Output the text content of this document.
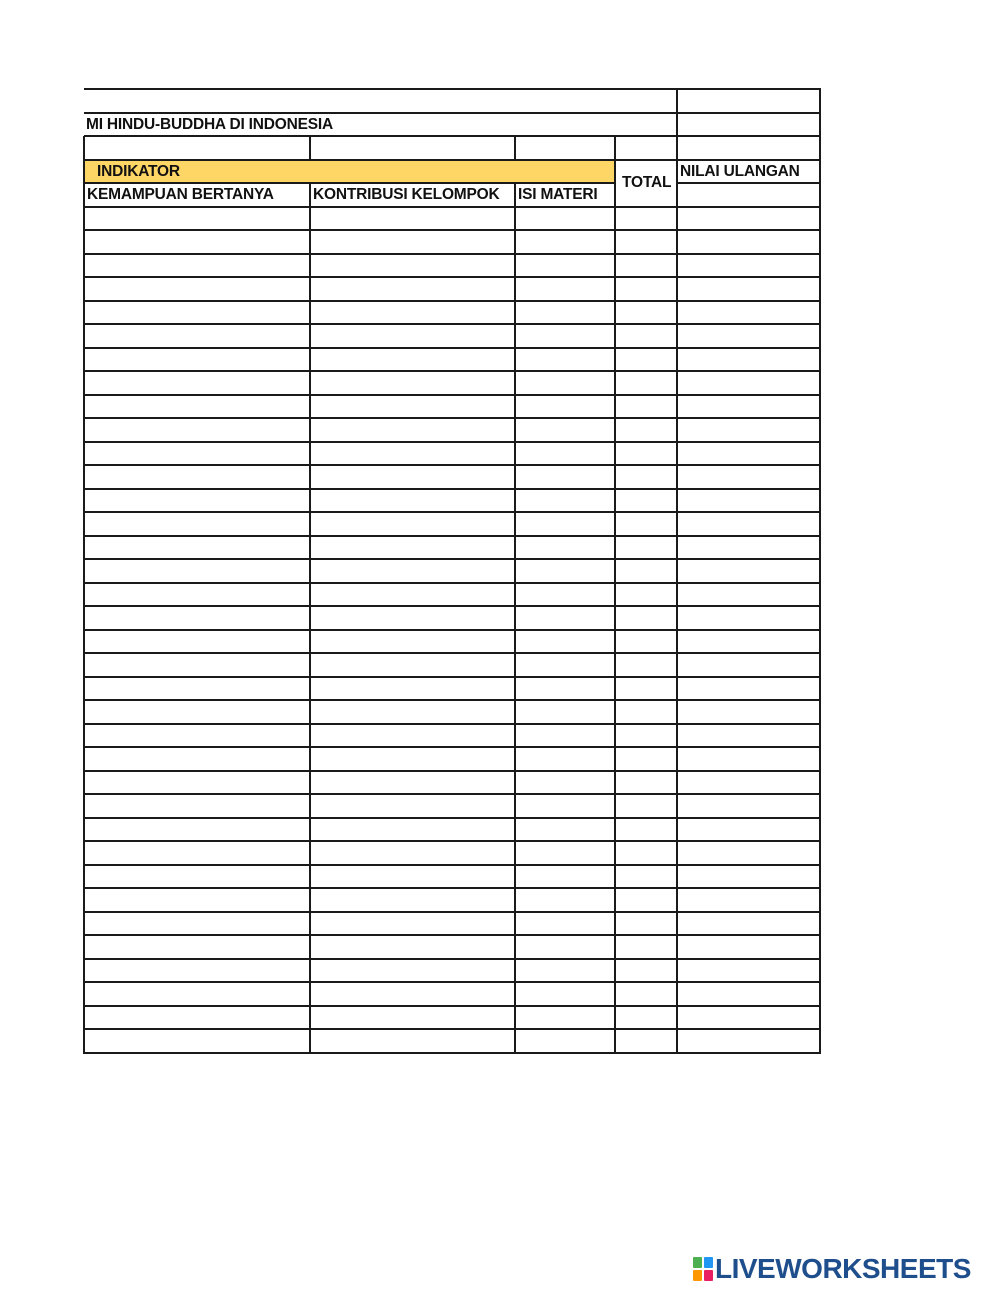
ΜI HINDU-BUDDHA DI INDONESIA
INDIKATOR
TOTAL
NILAI ULANGAN
KEMAMPUAN BERTANYA	KONTRIBUSI KELOMPOK ISI MATERI
LIVEWORKSHEETS
